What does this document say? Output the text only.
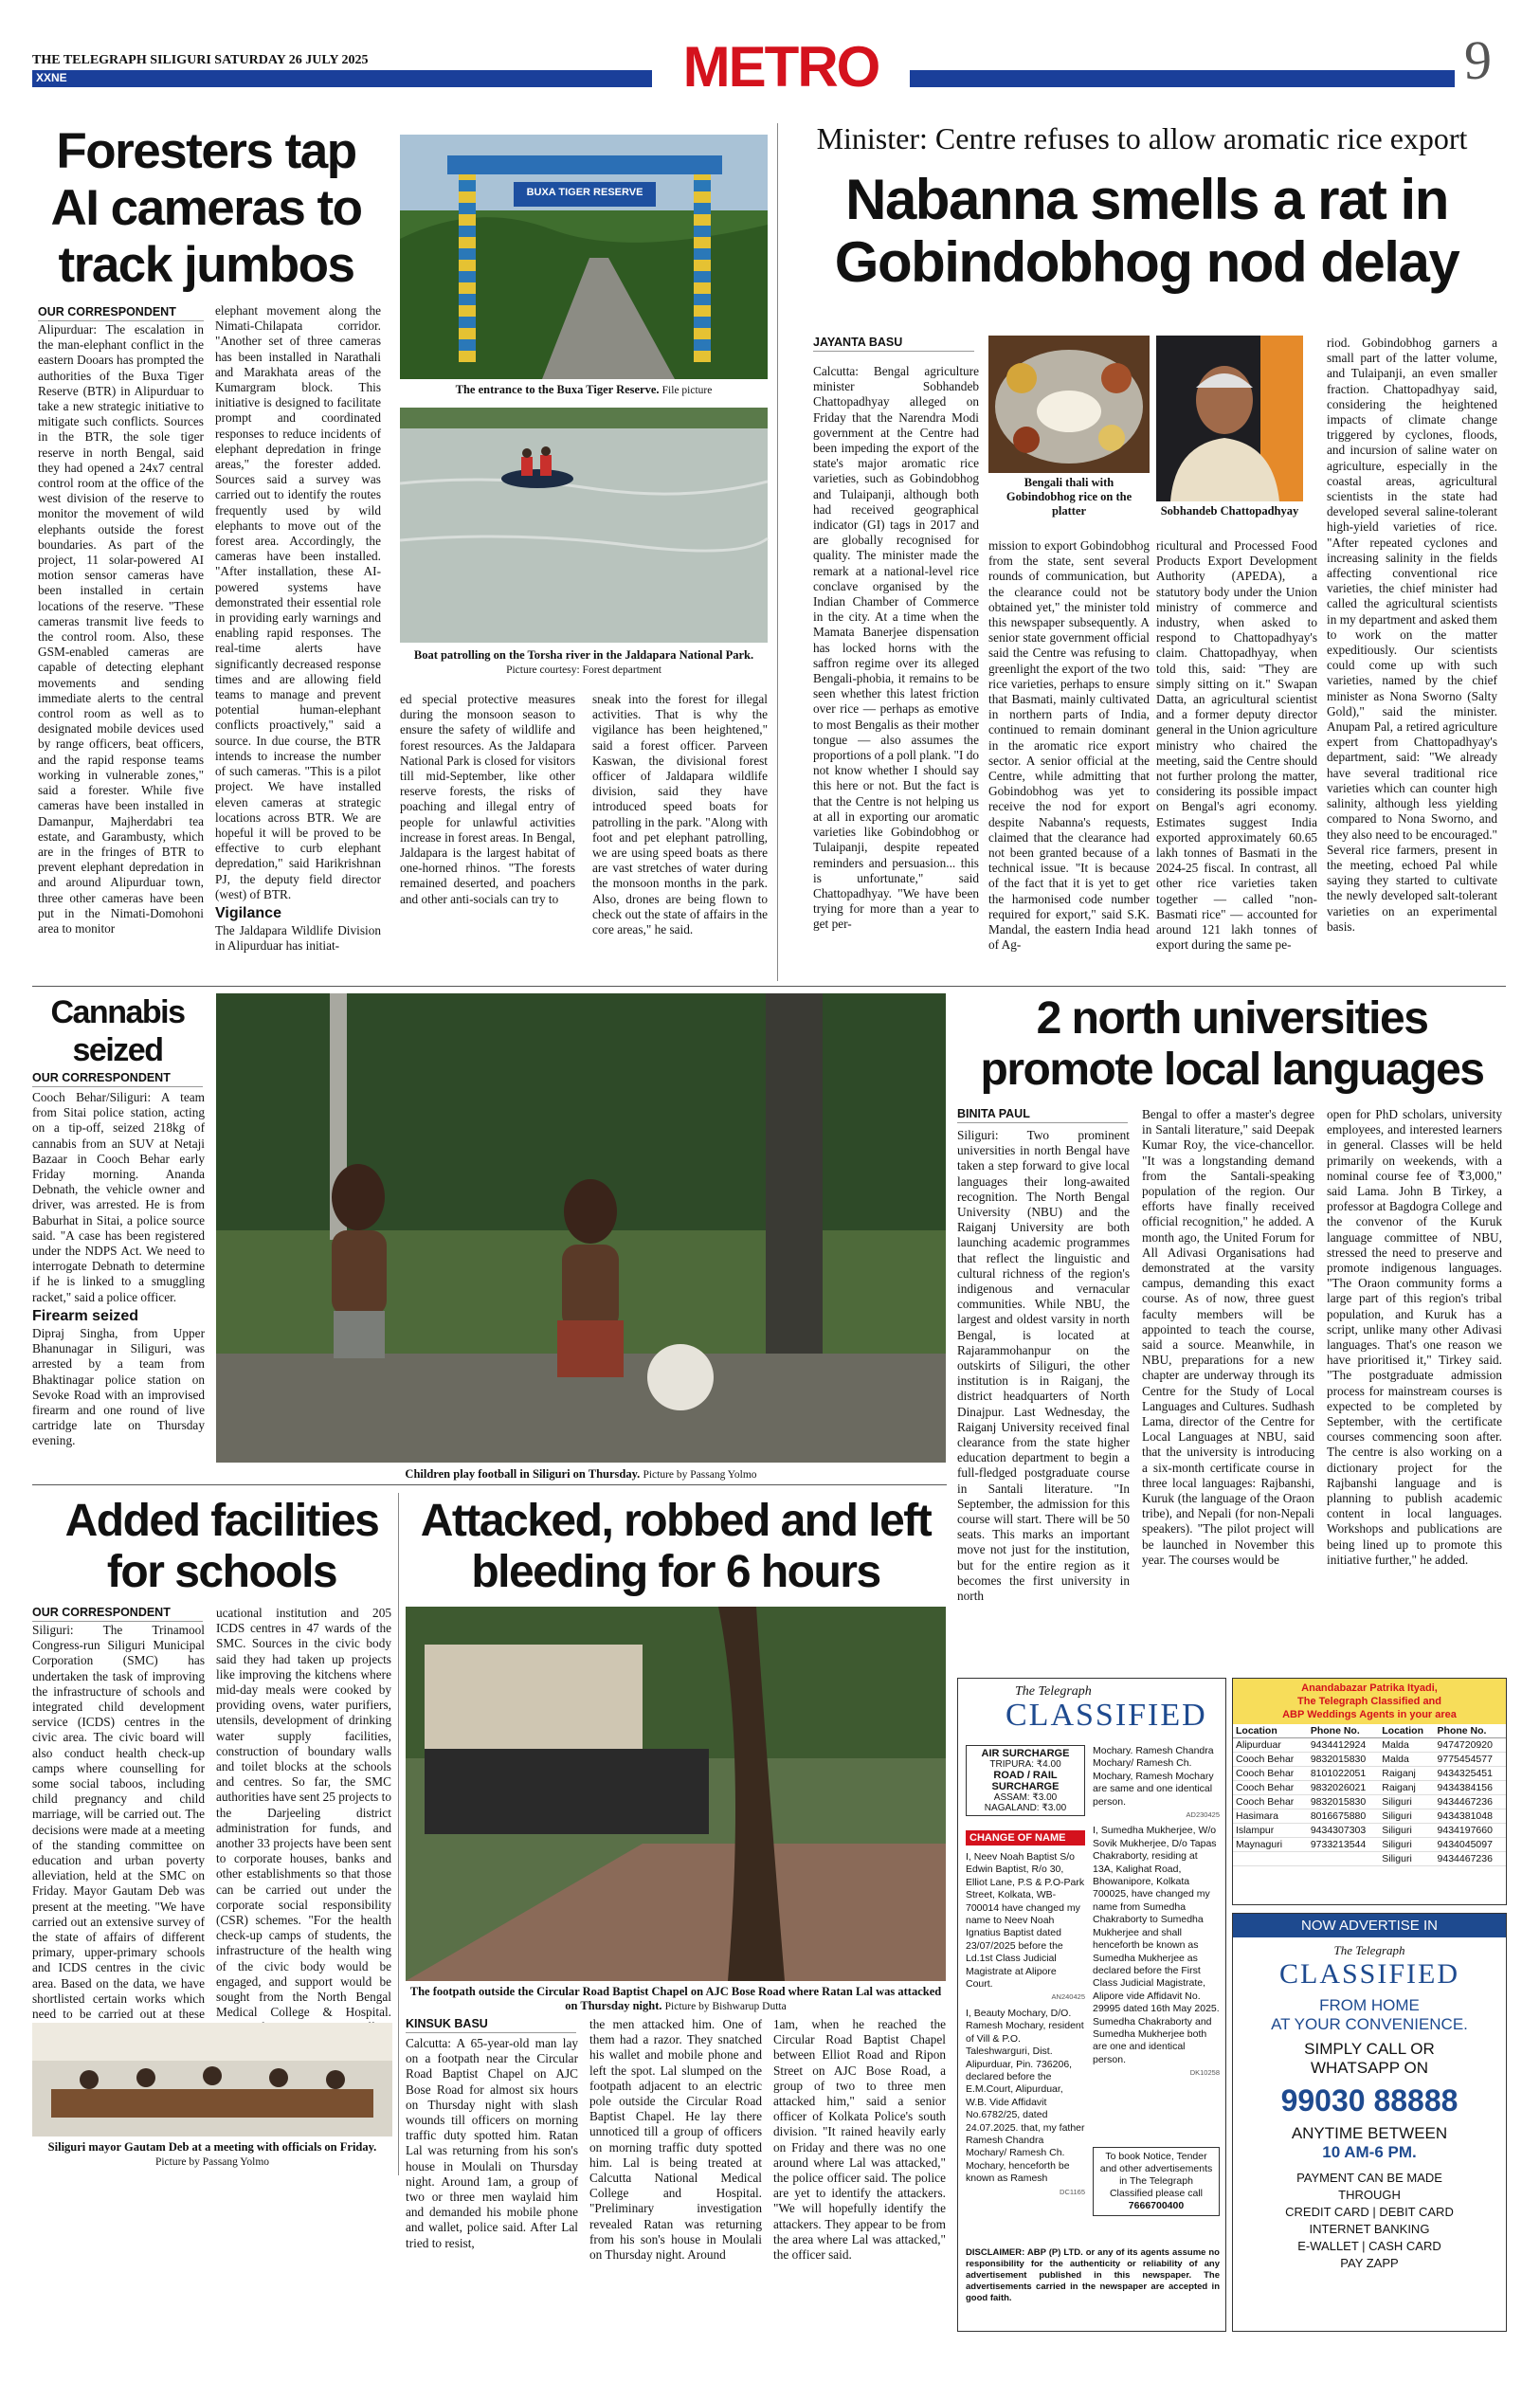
THE TELEGRAPH SILIGURI SATURDAY 26 JULY 2025
XXNE	METRO	9
Foresters tap AI cameras to track jumbos
OUR CORRESPONDENT
Alipurduar: The escalation in the man-elephant conflict in the eastern Dooars has prompted the authorities of the Buxa Tiger Reserve (BTR) in Alipurduar to take a new strategic initiative to mitigate such conflicts. Sources in the BTR, the sole tiger reserve in north Bengal, said they had opened a 24x7 central control room at the office of the west division of the reserve to monitor the movement of wild elephants outside the forest boundaries. As part of the project, 11 solar-powered AI motion sensor cameras have been installed in certain locations of the reserve. "These cameras transmit live feeds to the control room. Also, these GSM-enabled cameras are capable of detecting elephant movements and sending immediate alerts to the central control room as well as to designated mobile devices used by range officers, beat officers, and the rapid response teams working in vulnerable zones," said a forester. While five cameras have been installed in Damanpur, Majherdabri tea estate, and Garambusty, which are in the fringes of BTR to prevent elephant depredation in and around Alipurduar town, three other cameras have been put in the Nimati-Domohoni area to monitor
elephant movement along the Nimati-Chilapata corridor. "Another set of three cameras has been installed in Narathali and Marakhata areas of the Kumargram block. This initiative is designed to facilitate prompt and coordinated responses to reduce incidents of elephant depredation in fringe areas," the forester added. Sources said a survey was carried out to identify the routes frequently used by wild elephants to move out of the forest area. Accordingly, the cameras have been installed. "After installation, these AI-powered systems have demonstrated their essential role in providing early warnings and enabling rapid responses. The real-time alerts have significantly decreased response times and are allowing field teams to manage and prevent potential human-elephant conflicts proactively," said a source. In due course, the BTR intends to increase the number of such cameras. "This is a pilot project. We have installed eleven cameras at strategic locations across BTR. We are hopeful it will be proved to be effective to curb elephant depredation," said Harikrishnan PJ, the deputy field director (west) of BTR.
Vigilance
The Jaldapara Wildlife Division in Alipurduar has initiat-
BUXA TIGER RESERVE
The entrance to the Buxa Tiger Reserve. File picture
Boat patrolling on the Torsha river in the Jaldapara National Park. Picture courtesy: Forest department
ed special protective measures during the monsoon season to ensure the safety of wildlife and forest resources. As the Jaldapara National Park is closed for visitors till mid-September, like other reserve forests, the risks of poaching and illegal entry of people for unlawful activities increase in forest areas. In Bengal, Jaldapara is the largest habitat of one-horned rhinos. "The forests remained deserted, and poachers and other anti-socials can try to
sneak into the forest for illegal activities. That is why the vigilance has been heightened," said a forest officer. Parveen Kaswan, the divisional forest officer of Jaldapara wildlife division, said they have introduced speed boats for patrolling in the park. "Along with foot and pet elephant patrolling, we are using speed boats as there are vast stretches of water during the monsoon months in the park. Also, drones are being flown to check out the state of affairs in the core areas," he said.
Minister: Centre refuses to allow aromatic rice export
Nabanna smells a rat in Gobindobhog nod delay
JAYANTA BASU
Calcutta: Bengal agriculture minister Sobhandeb Chattopadhyay alleged on Friday that the Narendra Modi government at the Centre had been impeding the export of the state's major aromatic rice varieties, such as Gobindobhog and Tulaipanji, although both had received geographical indicator (GI) tags in 2017 and are globally recognised for quality. The minister made the remark at a national-level rice conclave organised by the Indian Chamber of Commerce in the city. At a time when the Mamata Banerjee dispensation has locked horns with the saffron regime over its alleged Bengali-phobia, it remains to be seen whether this latest friction over rice — perhaps as emotive to most Bengalis as their mother tongue — also assumes the proportions of a poll plank. "I do not know whether I should say this here or not. But the fact is that the Centre is not helping us at all in exporting our aromatic varieties like Gobindobhog or Tulaipanji, despite repeated reminders and persuasion... this is unfortunate," said Chattopadhyay. "We have been trying for more than a year to get per-
Bengali thali with Gobindobhog rice on the platter	Sobhandeb Chattopadhyay
mission to export Gobindobhog from the state, sent several rounds of communication, but the clearance could not be obtained yet," the minister told this newspaper subsequently. A senior state government official said the Centre was refusing to greenlight the export of the two rice varieties, perhaps to ensure that Basmati, mainly cultivated in northern parts of India, continued to remain dominant in the aromatic rice export sector. A senior official at the Centre, while admitting that Gobindobhog was yet to receive the nod for export despite Nabanna's requests, claimed that the clearance had not been granted because of a technical issue. "It is because of the fact that it is yet to get the harmonised code number required for export," said S.K. Mandal, the eastern India head of Ag-
ricultural and Processed Food Products Export Development Authority (APEDA), a statutory body under the Union ministry of commerce and industry, when asked to respond to Chattopadhyay's claim. Chattopadhyay, when told this, said: "They are simply sitting on it." Swapan Datta, an agricultural scientist and a former deputy director general in the Union agriculture ministry who chaired the meeting, said the Centre should not further prolong the matter, considering its possible impact on Bengal's agri economy. Estimates suggest India exported approximately 60.65 lakh tonnes of Basmati in the 2024-25 fiscal. In contrast, all other rice varieties taken together — called "non-Basmati rice" — accounted for around 121 lakh tonnes of export during the same pe-
riod. Gobindobhog garners a small part of the latter volume, and Tulaipanji, an even smaller fraction. Chattopadhyay said, considering the heightened impacts of climate change triggered by cyclones, floods, and incursion of saline water on agriculture, especially in the coastal areas, agricultural scientists in the state had developed several saline-tolerant high-yield varieties of rice. "After repeated cyclones and increasing salinity in the fields affecting conventional rice varieties, the chief minister had called the agricultural scientists in my department and asked them to work on the matter expeditiously. Our scientists could come up with such varieties, named by the chief minister as Nona Sworno (Salty Gold)," said the minister. Anupam Pal, a retired agriculture expert from Chattopadhyay's department, said: "We already have several traditional rice varieties which can counter high salinity, although less yielding compared to Nona Sworno, and they also need to be encouraged." Several rice farmers, present in the meeting, echoed Pal while saying they started to cultivate the newly developed salt-tolerant varieties on an experimental basis.
Cannabis seized
OUR CORRESPONDENT
Cooch Behar/Siliguri: A team from Sitai police station, acting on a tip-off, seized 218kg of cannabis from an SUV at Netaji Bazaar in Cooch Behar early Friday morning. Ananda Debnath, the vehicle owner and driver, was arrested. He is from Baburhat in Sitai, a police source said. "A case has been registered under the NDPS Act. We need to interrogate Debnath to determine if he is linked to a smuggling racket," said a police officer.
Firearm seized
Dipraj Singha, from Upper Bhanunagar in Siliguri, was arrested by a team from Bhaktinagar police station on Sevoke Road with an improvised firearm and one round of live cartridge late on Thursday evening.
Children play football in Siliguri on Thursday. Picture by Passang Yolmo
2 north universities promote local languages
BINITA PAUL
Siliguri: Two prominent universities in north Bengal have taken a step forward to give local languages their long-awaited recognition. The North Bengal University (NBU) and the Raiganj University are both launching academic programmes that reflect the linguistic and cultural richness of the region's indigenous and vernacular communities. While NBU, the largest and oldest varsity in north Bengal, is located at Rajarammohanpur on the outskirts of Siliguri, the other institution is in Raiganj, the district headquarters of North Dinajpur. Last Wednesday, the Raiganj University received final clearance from the state higher education department to begin a full-fledged postgraduate course in Santali literature. "In September, the admission for this course will start. There will be 50 seats. This marks an important move not just for the institution, but for the entire region as it becomes the first university in north
Bengal to offer a master's degree in Santali literature," said Deepak Kumar Roy, the vice-chancellor. "It was a longstanding demand from the Santali-speaking population of the region. Our efforts have finally received official recognition," he added. A month ago, the United Forum for All Adivasi Organisations had demonstrated at the varsity campus, demanding this exact course. As of now, three guest faculty members will be appointed to teach the course, said a source. Meanwhile, in NBU, preparations for a new chapter are underway through its Centre for the Study of Local Languages and Cultures. Sudhash Lama, director of the Centre for Local Languages at NBU, said that the university is introducing a six-month certificate course in three local languages: Rajbanshi, Kuruk (the language of the Oraon tribe), and Nepali (for non-Nepali speakers). "The pilot project will be launched in November this year. The courses would be
open for PhD scholars, university employees, and interested learners in general. Classes will be held primarily on weekends, with a nominal course fee of ₹3,000," said Lama. John B Tirkey, a professor at Bagdogra College and the convenor of the Kuruk language committee of NBU, stressed the need to preserve and promote indigenous languages. "The Oraon community forms a large part of this region's tribal population, and Kuruk has a script, unlike many other Adivasi languages. That's one reason we have prioritised it," Tirkey said. "The postgraduate admission process for mainstream courses is expected to be completed by September, with the certificate courses commencing soon after. The centre is also working on a dictionary project for the Rajbanshi language and is planning to publish academic content in local languages. Workshops and publications are being lined up to promote this initiative further," he added.
Added facilities for schools
OUR CORRESPONDENT
Siliguri: The Trinamool Congress-run Siliguri Municipal Corporation (SMC) has undertaken the task of improving the infrastructure of schools and integrated child development service (ICDS) centres in the civic area. The civic board will also conduct health check-up camps where counselling for some social taboos, including child pregnancy and child marriage, will be carried out. The decisions were made at a meeting of the standing committee on education and urban poverty alleviation, held at the SMC on Friday. Mayor Gautam Deb was present at the meeting. "We have carried out an extensive survey of the state of affairs of different primary, upper-primary schools and ICDS centres in the civic area. Based on the data, we have shortlisted certain works which need to be carried out at these
ucational institution and 205 ICDS centres in 47 wards of the SMC. Sources in the civic body said they had taken up projects like improving the kitchens where mid-day meals were cooked by providing ovens, water purifiers, utensils, development of drinking water supply facilities, construction of boundary walls and toilet blocks at the schools and centres. So far, the SMC authorities have sent 25 projects to the Darjeeling district administration for funds, and another 33 projects have been sent to corporate houses, banks and other establishments so that those can be carried out under the corporate social responsibility (CSR) schemes. "For the health check-up camps of students, the infrastructure of the health wing of the civic body would be engaged, and support would be sought from the North Bengal Medical College & Hospital.
Siliguri mayor Gautam Deb at a meeting with officials on Friday. Picture by Passang Yolmo
Attacked, robbed and left bleeding for 6 hours
The footpath outside the Circular Road Baptist Chapel on AJC Bose Road where Ratan Lal was attacked on Thursday night. Picture by Bishwarup Dutta
KINSUK BASU
Calcutta: A 65-year-old man lay on a footpath near the Circular Road Baptist Chapel on AJC Bose Road for almost six hours on Thursday night with slash wounds till officers on morning traffic duty spotted him. Ratan Lal was returning from his son's house in Moulali on Thursday night. Around 1am, a group of two or three men waylaid him and demanded his mobile phone and wallet, police said. After Lal tried to resist,
the men attacked him. One of them had a razor. They snatched his wallet and mobile phone and left the spot. Lal slumped on the footpath adjacent to an electric pole outside the Circular Road Baptist Chapel. He lay there unnoticed till a group of officers on morning traffic duty spotted him. Lal is being treated at Calcutta National Medical College and Hospital. "Preliminary investigation revealed Ratan was returning from his son's house in Moulali on Thursday night. Around
1am, when he reached the Circular Road Baptist Chapel between Elliot Road and Ripon Street on AJC Bose Road, a group of two to three men attacked him," said a senior officer of Kolkata Police's south division. "It rained heavily early on Friday and there was no one around where Lal was attacked," the police officer said. The police are yet to identify the attackers. "We will hopefully identify the attackers. They appear to be from the area where Lal was attacked," the officer said.
The Telegraph
CLASSIFIED
AIR SURCHARGE
TRIPURA: ₹4.00
ROAD / RAIL SURCHARGE
ASSAM: ₹3.00
NAGALAND: ₹3.00
CHANGE OF NAME
I, Neev Noah Baptist S/o Edwin Baptist, R/o 30, Elliot Lane, P.S & P.O-Park Street, Kolkata, WB-700014 have changed my name to Neev Noah Ignatius Baptist dated 23/07/2025 before the Ld.1st Class Judicial Magistrate at Alipore Court.
AN240425
I, Beauty Mochary, D/O. Ramesh Mochary, resident of Vill & P.O. Taleshwarguri, Dist. Alipurduar, Pin. 736206, declared before the E.M.Court, Alipurduar, W.B. Vide Affidavit No.6782/25, dated 24.07.2025. that, my father Ramesh Chandra Mochary/ Ramesh Ch. Mochary, henceforth be known as Ramesh
DC1165
Mochary. Ramesh Chandra Mochary/ Ramesh Ch. Mochary, Ramesh Mochary are same and one identical person.
AD230425
I, Sumedha Mukherjee, W/o Sovik Mukherjee, D/o Tapas Chakraborty, residing at 13A, Kalighat Road, Bhowanipore, Kolkata 700025, have changed my name from Sumedha Chakraborty to Sumedha Mukherjee and shall henceforth be known as Sumedha Mukherjee as declared before the First Class Judicial Magistrate, Alipore vide Affidavit No. 29995 dated 16th May 2025. Sumedha Chakraborty and Sumedha Mukherjee both are one and identical person.
DK10258
To book Notice, Tender and other advertisements in The Telegraph Classified please call
7666700400
DISCLAIMER: ABP (P) LTD. or any of its agents assume no responsibility for the authenticity or reliability of any advertisement published in this newspaper. The advertisements carried in the newspaper are accepted in good faith.
Anandabazar Patrika Ityadi,
The Telegraph Classified and
ABP Weddings Agents in your area
Location	Phone No.	Location	Phone No.
Alipurduar	9434412924	Malda	9474720920
Cooch Behar	9832015830	Malda	9775454577
Cooch Behar	8101022051	Raiganj	9434325451
Cooch Behar	9832026021	Raiganj	9434384156
Cooch Behar	9832015830	Siliguri	9434467236
Hasimara	8016675880	Siliguri	9434381048
Islampur	9434307303	Siliguri	9434197660
Maynaguri	9733213544	Siliguri	9434045097
		Siliguri	9434467236
NOW ADVERTISE IN
The Telegraph
CLASSIFIED
FROM HOME
AT YOUR CONVENIENCE.
SIMPLY CALL OR
WHATSAPP ON
99030 88888
ANYTIME BETWEEN
10 AM-6 PM.
PAYMENT CAN BE MADE
THROUGH
CREDIT CARD | DEBIT CARD
INTERNET BANKING
E-WALLET | CASH CARD
PAY ZAPP
